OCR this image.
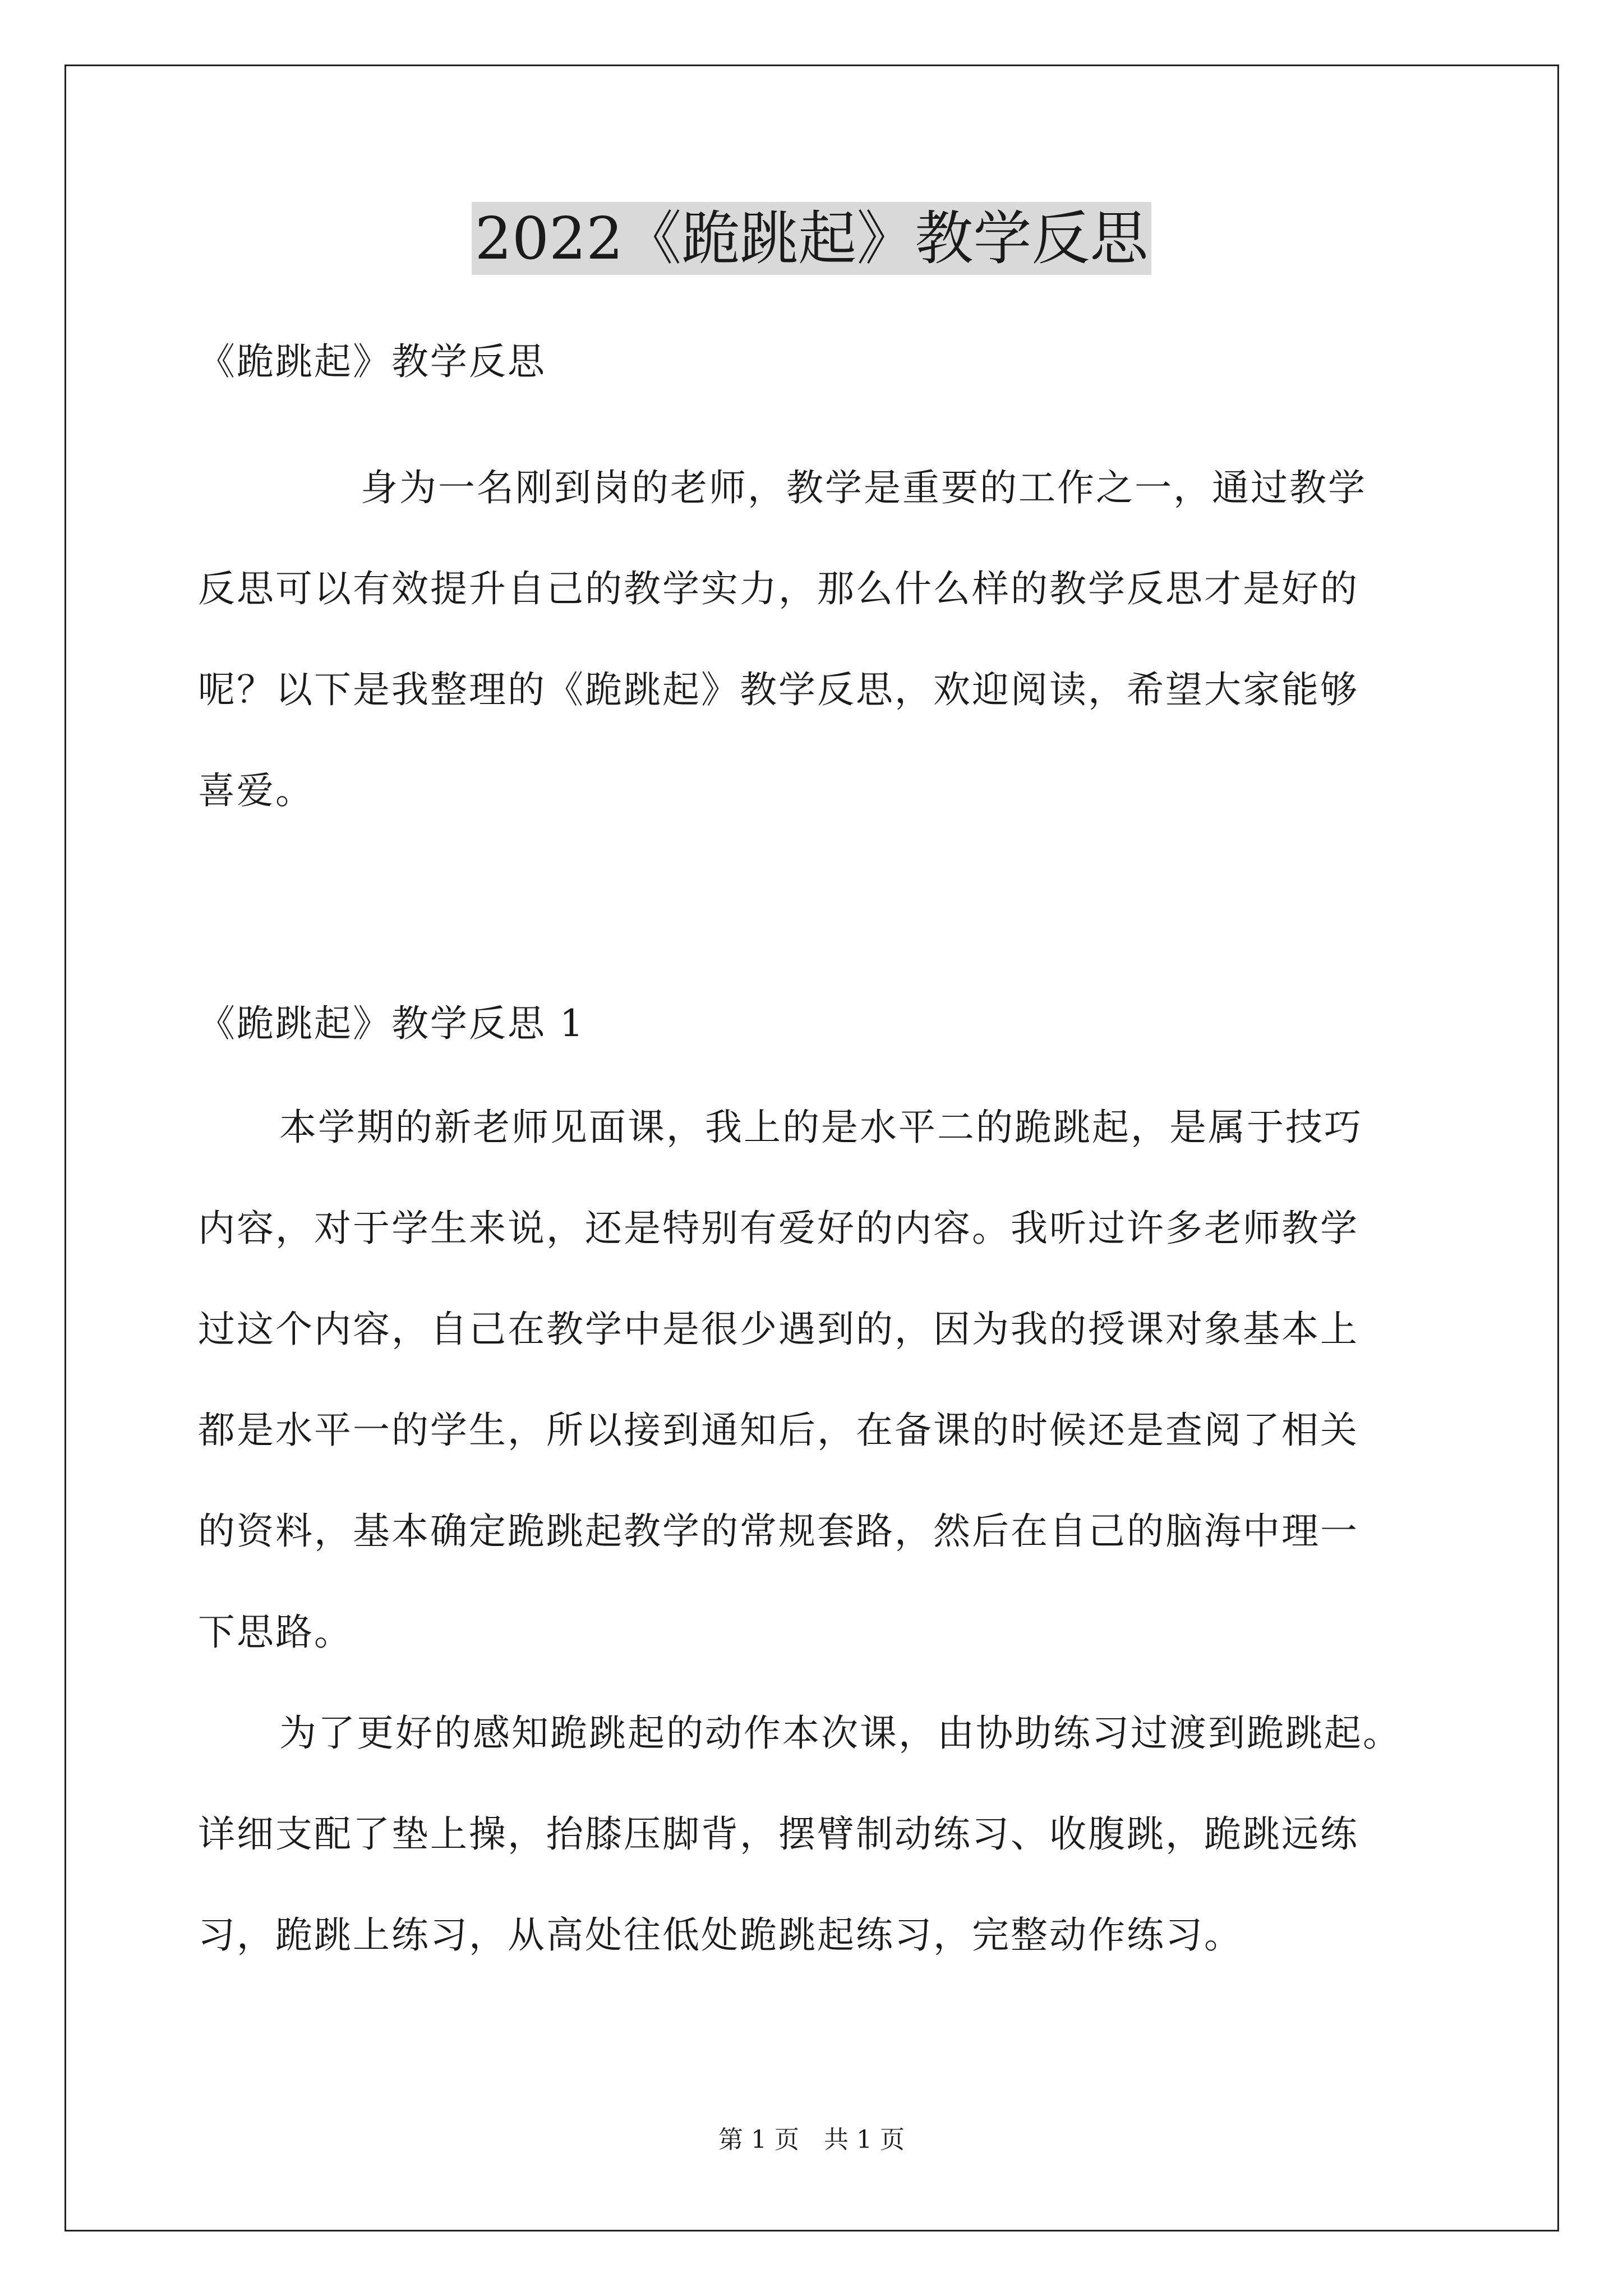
2022《跪跳起》教学反思
《跪跳起》教学反思
身为一名刚到岗的老师，教学是重要的工作之一，通过教学
反思可以有效提升自己的教学实力，那么什么样的教学反思才是好的
呢？以下是我整理的《跪跳起》教学反思，欢迎阅读，希望大家能够
喜爱。
《跪跳起》教学反思 1
本学期的新老师见面课，我上的是水平二的跪跳起，是属于技巧
内容，对于学生来说，还是特别有爱好的内容。我听过许多老师教学
过这个内容，自己在教学中是很少遇到的，因为我的授课对象基本上
都是水平一的学生，所以接到通知后，在备课的时候还是查阅了相关
的资料，基本确定跪跳起教学的常规套路，然后在自己的脑海中理一
下思路。
为了更好的感知跪跳起的动作本次课，由协助练习过渡到跪跳起。
详细支配了垫上操，抬膝压脚背，摆臂制动练习、收腹跳，跪跳远练
习，跪跳上练习，从高处往低处跪跳起练习，完整动作练习。
第 1 页　共 1 页
